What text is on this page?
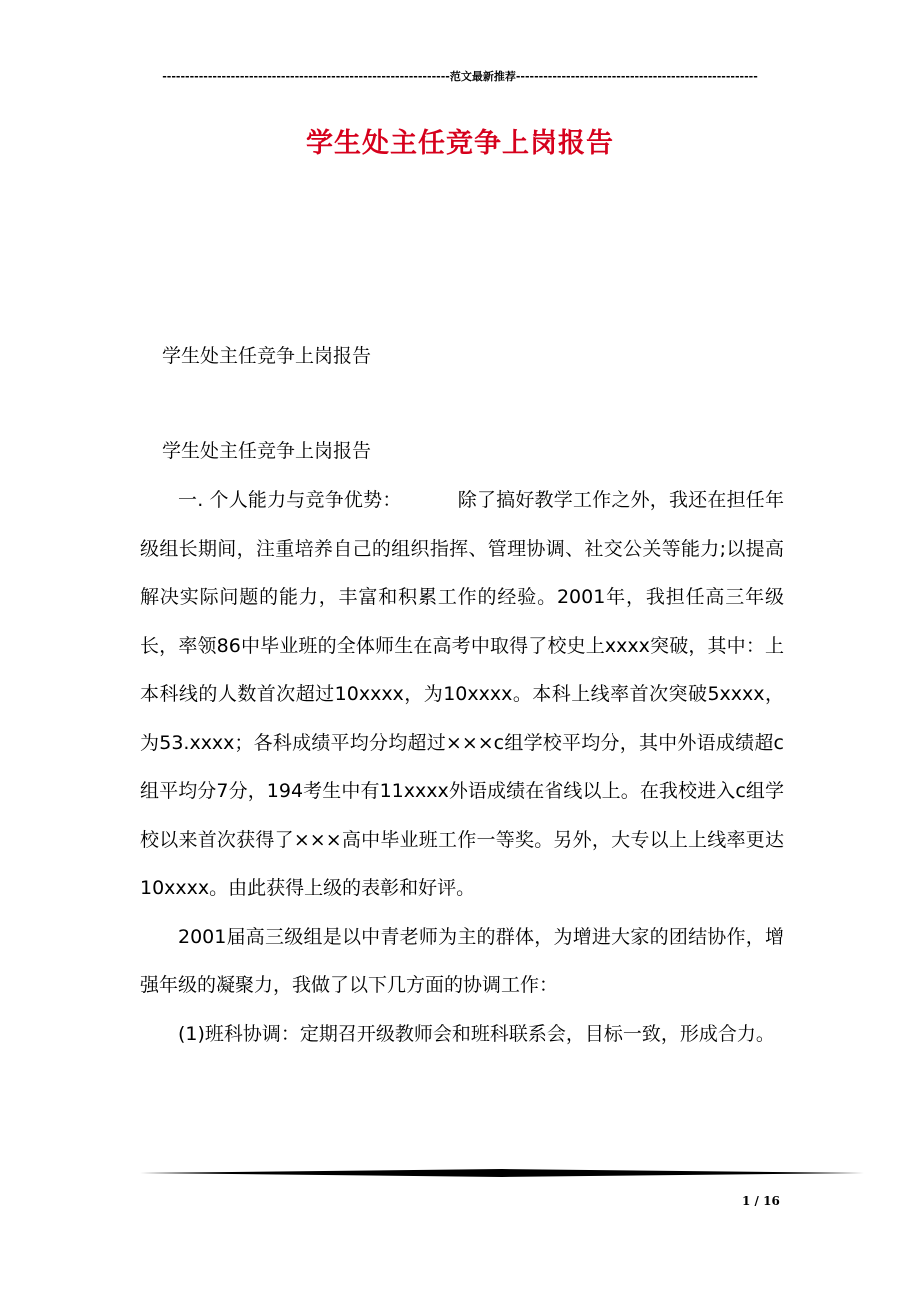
---------------------------------------------------------------范文最新推荐-----------------------------------------------------
学生处主任竞争上岗报告
学生处主任竞争上岗报告
学生处主任竞争上岗报告

一. 个人能力与竞争优势：	除了搞好教学工作之外，我还在担任年级组长期间，注重培养自己的组织指挥、管理协调、社交公关等能力;以提高解决实际问题的能力，丰富和积累工作的经验。2001年，我担任高三年级长，率领86中毕业班的全体师生在高考中取得了校史上xxxx突破，其中：上本科线的人数首次超过10xxxx，为10xxxx。本科上线率首次突破5xxxx，为53.xxxx；各科成绩平均分均超过×××c组学校平均分，其中外语成绩超c组平均分7分，194考生中有11xxxx外语成绩在省线以上。在我校进入c组学校以来首次获得了×××高中毕业班工作一等奖。另外，大专以上上线率更达10xxxx。由此获得上级的表彰和好评。

2001届高三级组是以中青老师为主的群体，为增进大家的团结协作，增强年级的凝聚力，我做了以下几方面的协调工作：

(1)班科协调：定期召开级教师会和班科联系会，目标一致，形成合力。

1 / 16
